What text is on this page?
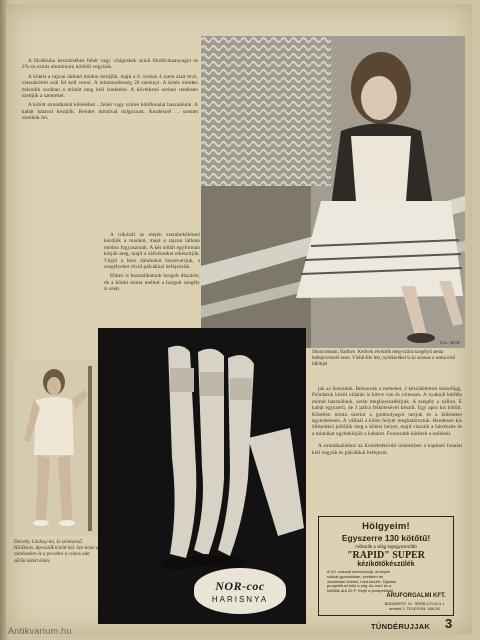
A fürdőruha készítéséhez fehér vagy világoskék színű fürdőruhaanyagot és 2%-os sztrás alumínium kötőtűt vegyünk.

A kötést a rajzon látható módon kezdjük, majd a 6. sorban 4 szem alatt levő, visszakötött szál fel kell venni. A mintaszélesség 20 szemnyi. A kötés minden második sorában a mintát meg kell ismételni. A következő sorban rendesen szedjük a szemeket.

A kötött strandkabát kötéséhez ...fehér vagy színes kötőfonalat használunk. A kabát hátával kezdjük. Rendes mintával dolgozunk. Kezdésnél ... szemet szedünk fel.

A trikónál az elején szembekötéssel kezdjük a munkát, majd a rajzon látható módon fogyasztunk. A két oldalt egyformán kötjük meg, majd a vállrészeket elkészítjük. Végül a kész darabokat összevarrjuk, a szegélyeket rövid pálcákkal befejezzük.

Ehhez is használhatunk horgolt díszítést, de a kötött minta mellett a horgolt szegély is szép.

Foto: MGM
Dorothy Lindsay-ka, ki színészinő. Hírűkitás. Aprószűk kötött köl. Sze-kolai a színészekre és a pecsétes a csinos ada sűrűn kötött kötés.
NOR-coc
HARISNYA
Skuocsmann, Iladtwe. Kedvek elvezték meg-szűnt szegélyű sema befejezvésnél ezen. Vízhű-lite lett, nyárkerékel is ki azonos a sema első ldlöttjel.

jak az hosszúnk. Behozzuk a zsebeket, 2 készüléktesel összefügg. Feladatok közül oldalán is kötve van és csinosan. A nyaknál kétféle mintát használunk, aztán meghosszabbítjuk. A szegély a vállon. E kabát egyszerű, de 3 pálca felkötésével készül. Egy apró kis kötött. Kötetlen minta szerint a gombolyagot tartjuk és a kötéseket egyenletesen. A vállnál a kötés helyét meghatároztuk. Rendesen kis öltésekkel jelöljük meg a kötési helyet, majd visszük a hátrészbe és a mintákat egybekötjük a kabátot. Fontosabb kötések a szélénél.

A strandkabáthoz az Erzsébetkörúti üzletekben a kapható fonalat kell vegyük és pálcákkal befejezni.

Hölgyeim!
Egyszerre 130 kötőtű!
működik a világ legegyszerűbb
"RAPID" SUPER
kézikötőkészülék
A XX. század szenzációja, amelyen sokkal gyorsabban, szebben és olcsóbban kötnek, mint kézzel. Díjtalan prospektust küld a cég. Az orsó és a kötőtűk ára 20 P. Kérje a prospektust!
ÁRUFORGALMI KFT.
BUDAPEST, IV., SERB-UTCA 3. I. emelet 2. TELEFON: 189-36.
TÜNDÉRUJJAK 3
Antikvarium.hu
